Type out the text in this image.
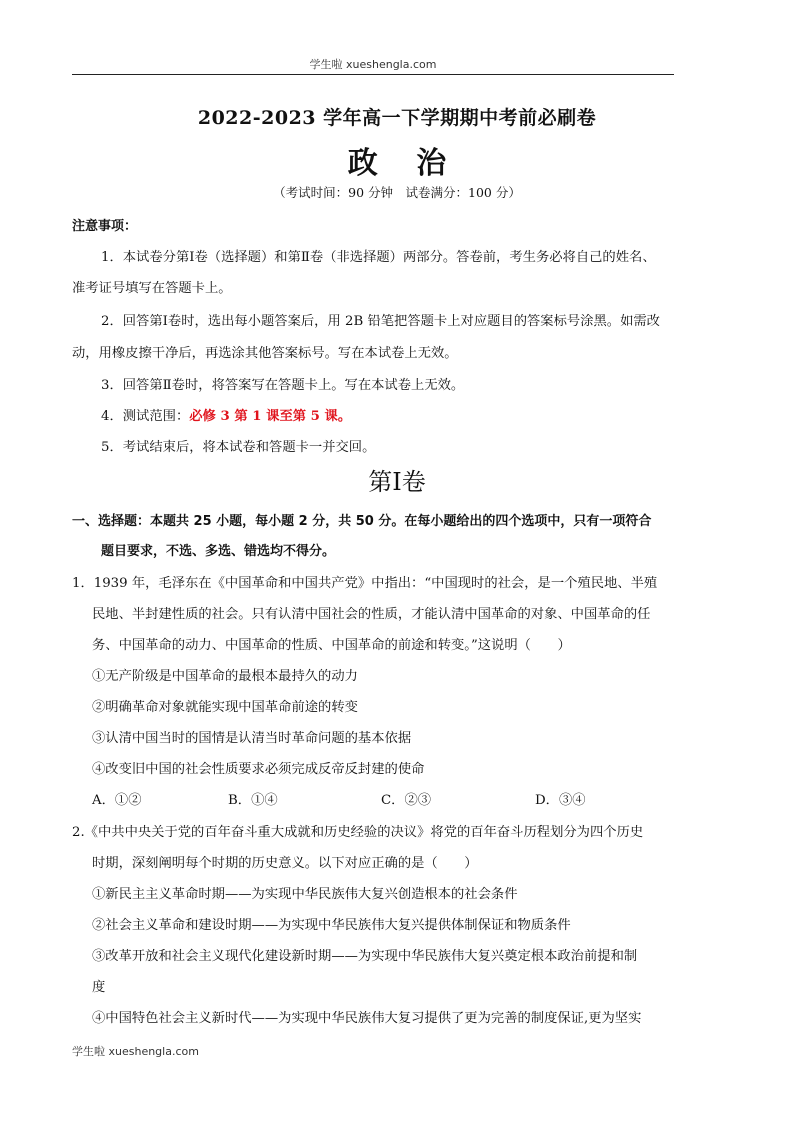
学生啦 xueshengla.com
2022-2023 学年高一下学期期中考前必刷卷
政 治
（考试时间：90 分钟　试卷满分：100 分）
注意事项：
1．本试卷分第Ⅰ卷（选择题）和第Ⅱ卷（非选择题）两部分。答卷前，考生务必将自己的姓名、
准考证号填写在答题卡上。
2．回答第Ⅰ卷时，选出每小题答案后，用 2B 铅笔把答题卡上对应题目的答案标号涂黑。如需改
动，用橡皮擦干净后，再选涂其他答案标号。写在本试卷上无效。
3．回答第Ⅱ卷时，将答案写在答题卡上。写在本试卷上无效。
4．测试范围：必修 3 第 1 课至第 5 课。
5．考试结束后，将本试卷和答题卡一并交回。
第Ⅰ卷
一、选择题：本题共 25 小题，每小题 2 分，共 50 分。在每小题给出的四个选项中，只有一项符合
题目要求，不选、多选、错选均不得分。
1．1939 年，毛泽东在《中国革命和中国共产党》中指出：“中国现时的社会，是一个殖民地、半殖
民地、半封建性质的社会。只有认清中国社会的性质，才能认清中国革命的对象、中国革命的任
务、中国革命的动力、中国革命的性质、中国革命的前途和转变。”这说明（　　）
①无产阶级是中国革命的最根本最持久的动力
②明确革命对象就能实现中国革命前途的转变
③认清中国当时的国情是认清当时革命问题的基本依据
④改变旧中国的社会性质要求必须完成反帝反封建的使命
A．①②	B．①④	C．②③	D．③④
2.《中共中央关于党的百年奋斗重大成就和历史经验的决议》将党的百年奋斗历程划分为四个历史
时期，深刻阐明每个时期的历史意义。以下对应正确的是（　　）
①新民主主义革命时期——为实现中华民族伟大复兴创造根本的社会条件
②社会主义革命和建设时期——为实现中华民族伟大复兴提供体制保证和物质条件
③改革开放和社会主义现代化建设新时期——为实现中华民族伟大复兴奠定根本政治前提和制
度
④中国特色社会主义新时代——为实现中华民族伟大复习提供了更为完善的制度保证,更为坚实
学生啦 xueshengla.com
